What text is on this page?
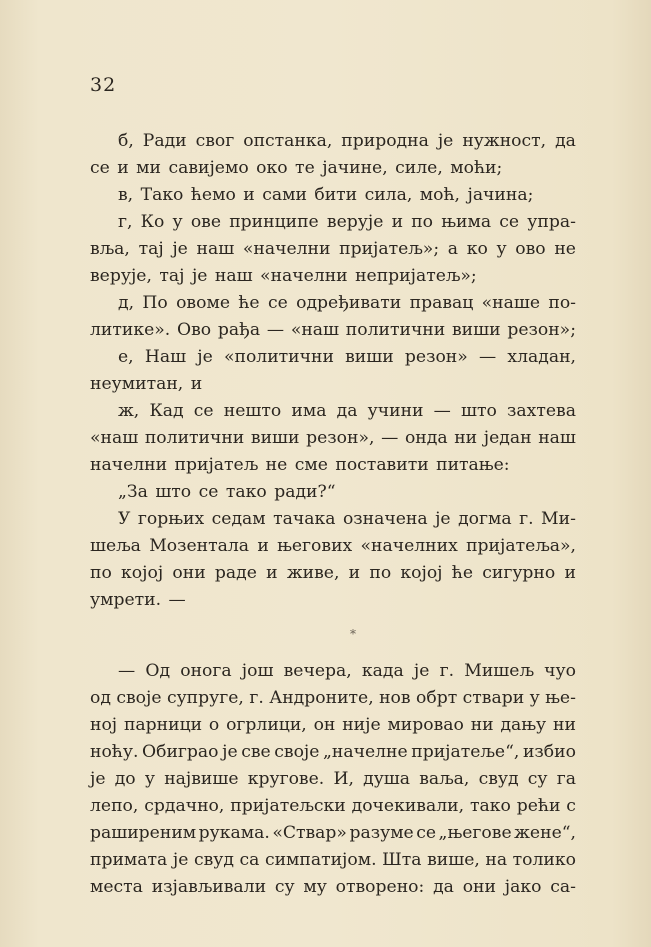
32
б, Ради свог опстанка, природна је нужност, да
се и ми савијемо око те јачине, силе, моћи;
в, Тако ћемо и сами бити сила, моћ, јачина;
г, Ко у ове принципе верује и по њима се упра-
вља, тај је наш «начелни пријатељ»; а ко у ово не
верује, тај је наш «начелни непријатељ»;
д, По овоме ће се одређивати правац «наше по-
литике». Ово рађа — «наш политични виши резон»;
е, Наш је «политични виши резон» — хладан,
неумитан, и
ж, Кад се нешто има да учини — што захтева
«наш политични виши резон», — онда ни један наш
начелни пријатељ не сме поставити питање:
„За што се тако ради?“
У горњих седам тачака означена је догма г. Ми-
шеља Мозентала и његових «начелних пријатеља»,
по којој они раде и живе, и по којој ће сигурно и
умрети. —
*
— Од онога још вечера, када је г. Мишељ чуо
од своје супруге, г. Андроните, нов обрт ствари у ње-
ној парници о огрлици, он није мировао ни дању ни
ноћу. Обиграо је све своје „начелне пријатеље“, избио
је до у највише кругове. И, душа ваља, свуд су га
лепо, срдачно, пријатељски дочекивали, тако рећи с
раширеним рукама. «Ствар» разуме се „његове жене“,
примата је свуд са симпатијом. Шта више, на толико
места изјављивали су му отворено: да они јако са-
